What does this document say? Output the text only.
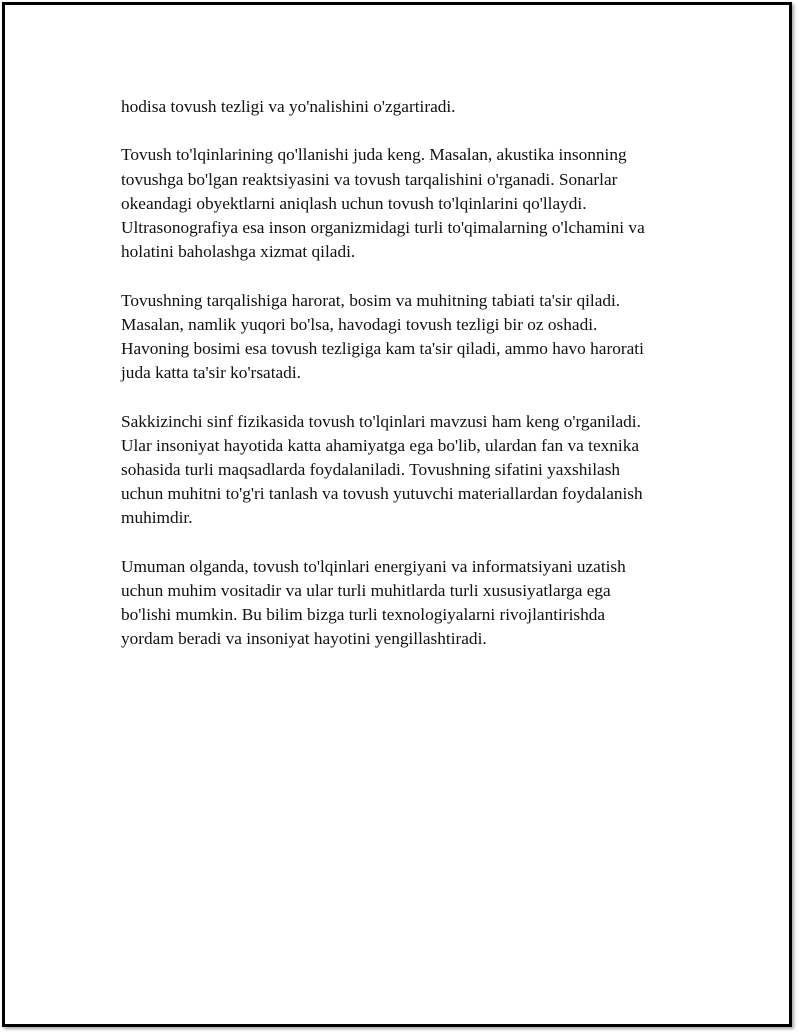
hodisa tovush tezligi va yo'nalishini o'zgartiradi.

Tovush to'lqinlarining qo'llanishi juda keng. Masalan, akustika insonning
tovushga bo'lgan reaktsiyasini va tovush tarqalishini o'rganadi. Sonarlar
okeandagi obyektlarni aniqlash uchun tovush to'lqinlarini qo'llaydi.
Ultrasonografiya esa inson organizmidagi turli to'qimalarning o'lchamini va
holatini baholashga xizmat qiladi.

Tovushning tarqalishiga harorat, bosim va muhitning tabiati ta'sir qiladi.
Masalan, namlik yuqori bo'lsa, havodagi tovush tezligi bir oz oshadi.
Havoning bosimi esa tovush tezligiga kam ta'sir qiladi, ammo havo harorati
juda katta ta'sir ko'rsatadi.

Sakkizinchi sinf fizikasida tovush to'lqinlari mavzusi ham keng o'rganiladi.
Ular insoniyat hayotida katta ahamiyatga ega bo'lib, ulardan fan va texnika
sohasida turli maqsadlarda foydalaniladi. Tovushning sifatini yaxshilash
uchun muhitni to'g'ri tanlash va tovush yutuvchi materiallardan foydalanish
muhimdir.

Umuman olganda, tovush to'lqinlari energiyani va informatsiyani uzatish
uchun muhim vositadir va ular turli muhitlarda turli xususiyatlarga ega
bo'lishi mumkin. Bu bilim bizga turli texnologiyalarni rivojlantirishda
yordam beradi va insoniyat hayotini yengillashtiradi.
